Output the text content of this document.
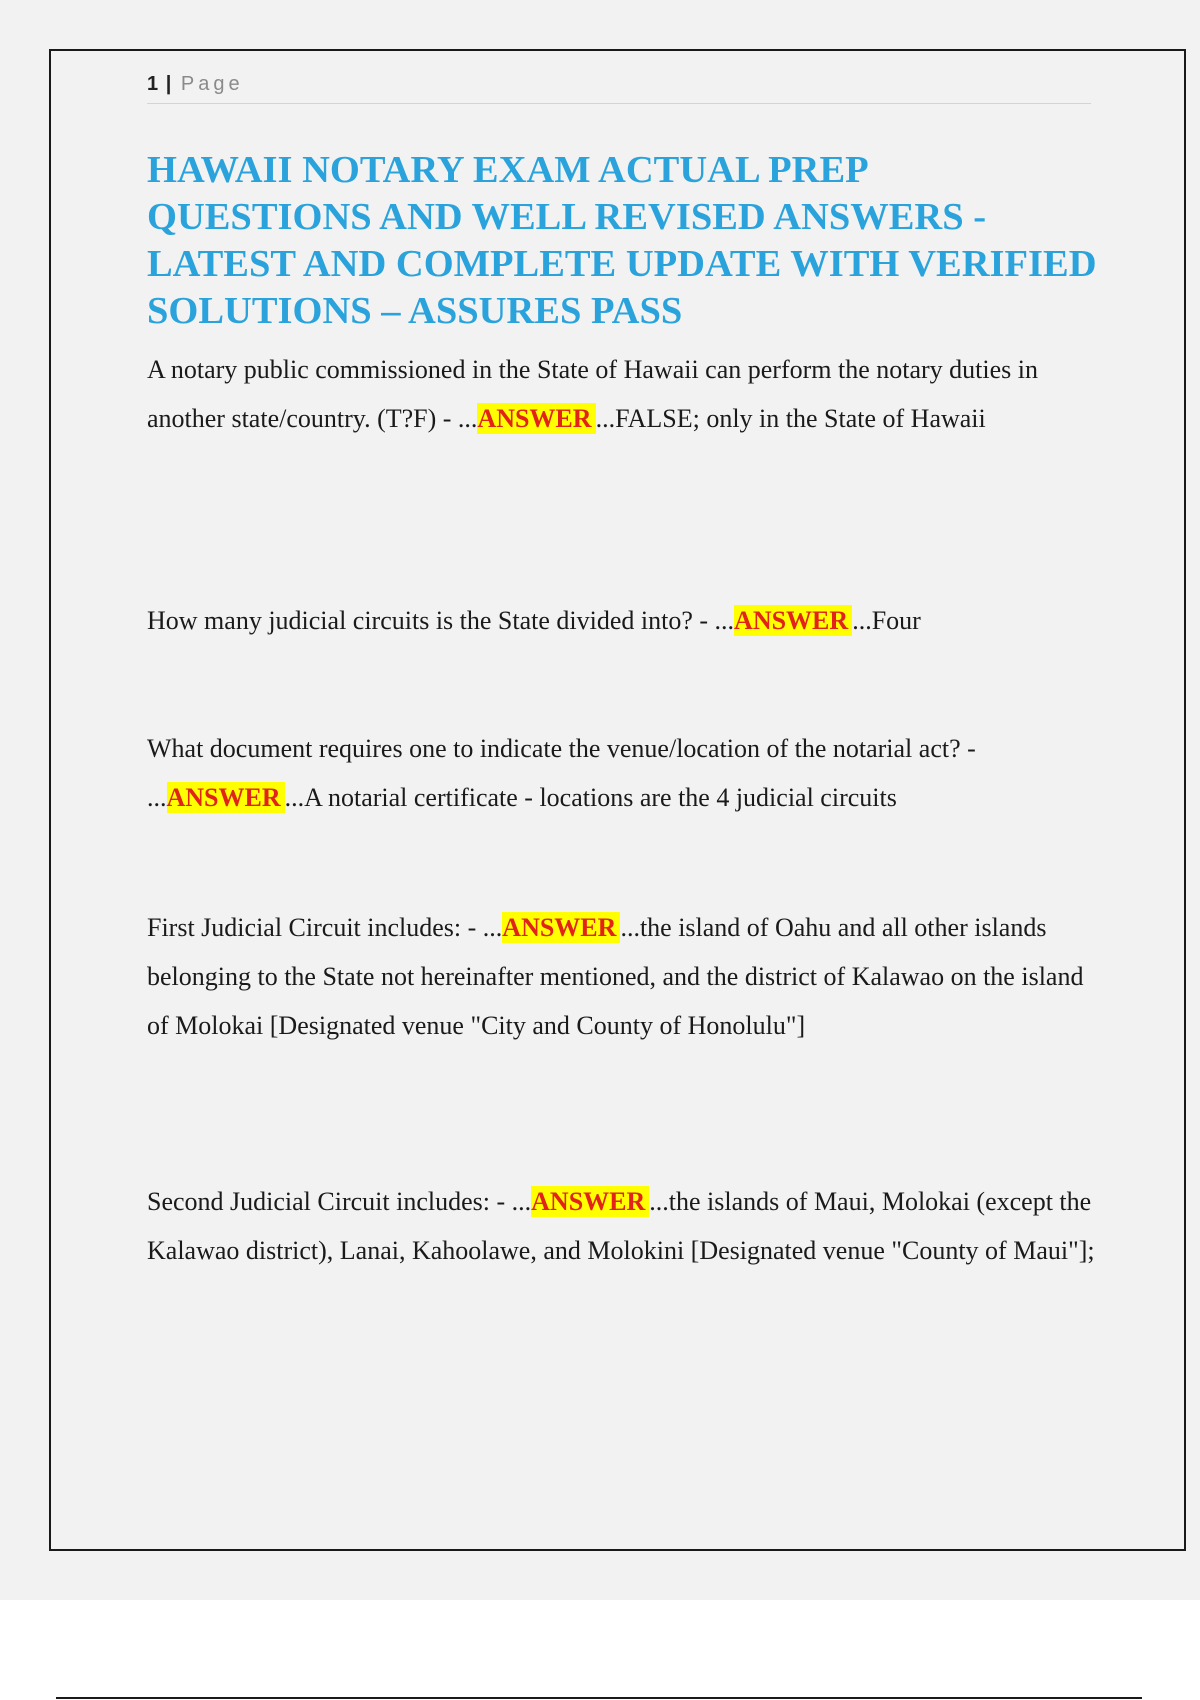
1 | Page
HAWAII NOTARY EXAM ACTUAL PREP QUESTIONS AND WELL REVISED ANSWERS - LATEST AND COMPLETE UPDATE WITH VERIFIED SOLUTIONS – ASSURES PASS

A notary public commissioned in the State of Hawaii can perform the notary duties in another state/country. (T?F) - ...ANSWER ...FALSE; only in the State of Hawaii

How many judicial circuits is the State divided into? - ...ANSWER ...Four

What document requires one to indicate the venue/location of the notarial act? - ...ANSWER ...A notarial certificate - locations are the 4 judicial circuits

First Judicial Circuit includes: - ...ANSWER ...the island of Oahu and all other islands belonging to the State not hereinafter mentioned, and the district of Kalawao on the island of Molokai [Designated venue "City and County of Honolulu"]

Second Judicial Circuit includes: - ...ANSWER ...the islands of Maui, Molokai (except the Kalawao district), Lanai, Kahoolawe, and Molokini [Designated venue "County of Maui"];
